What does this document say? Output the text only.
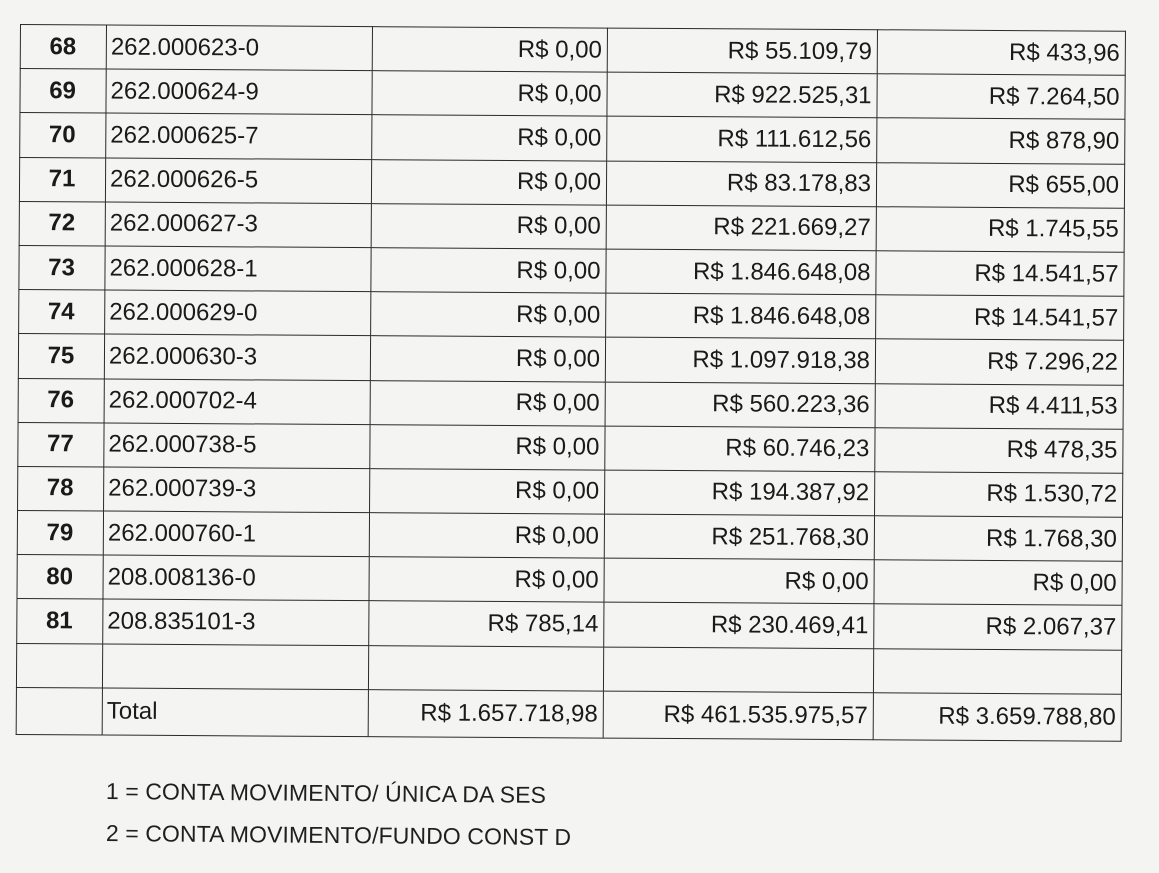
68	262.000623-0	R$ 0,00	R$ 55.109,79	R$ 433,96
69	262.000624-9	R$ 0,00	R$ 922.525,31	R$ 7.264,50
70	262.000625-7	R$ 0,00	R$ 111.612,56	R$ 878,90
71	262.000626-5	R$ 0,00	R$ 83.178,83	R$ 655,00
72	262.000627-3	R$ 0,00	R$ 221.669,27	R$ 1.745,55
73	262.000628-1	R$ 0,00	R$ 1.846.648,08	R$ 14.541,57
74	262.000629-0	R$ 0,00	R$ 1.846.648,08	R$ 14.541,57
75	262.000630-3	R$ 0,00	R$ 1.097.918,38	R$ 7.296,22
76	262.000702-4	R$ 0,00	R$ 560.223,36	R$ 4.411,53
77	262.000738-5	R$ 0,00	R$ 60.746,23	R$ 478,35
78	262.000739-3	R$ 0,00	R$ 194.387,92	R$ 1.530,72
79	262.000760-1	R$ 0,00	R$ 251.768,30	R$ 1.768,30
80	208.008136-0	R$ 0,00	R$ 0,00	R$ 0,00
81	208.835101-3	R$ 785,14	R$ 230.469,41	R$ 2.067,37

	Total	R$ 1.657.718,98	R$ 461.535.975,57	R$ 3.659.788,80
1 = CONTA MOVIMENTO/ ÚNICA DA SES
2 = CONTA MOVIMENTO/FUNDO CONST D
